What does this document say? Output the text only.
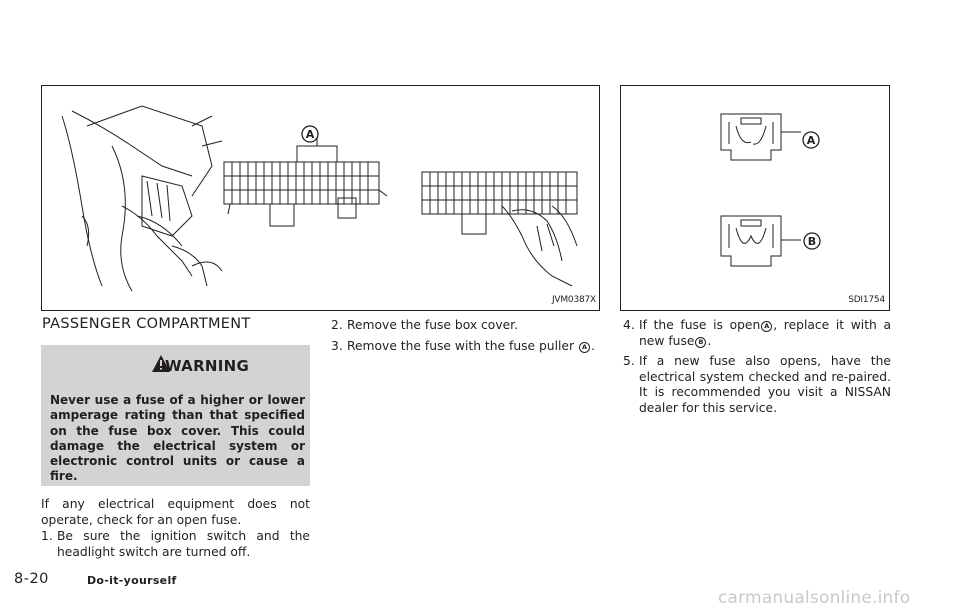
A
JVM0387X
A
B
SDI1754
PASSENGER COMPARTMENT
WARNING
Never use a fuse of a higher or lower amperage rating than that specified on the fuse box cover. This could damage the electrical system or electronic control units or cause a fire.
If any electrical equipment does not operate, check for an open fuse.
1. Be sure the ignition switch and the headlight switch are turned off.
2. Remove the fuse box cover.
3. Remove the fuse with the fuse puller A .
4. If the fuse is open A , replace it with a new fuse B .
5. If a new fuse also opens, have the electrical system checked and re-paired. It is recommended you visit a NISSAN dealer for this service.
8-20	Do-it-yourself
carmanualsonline.info
